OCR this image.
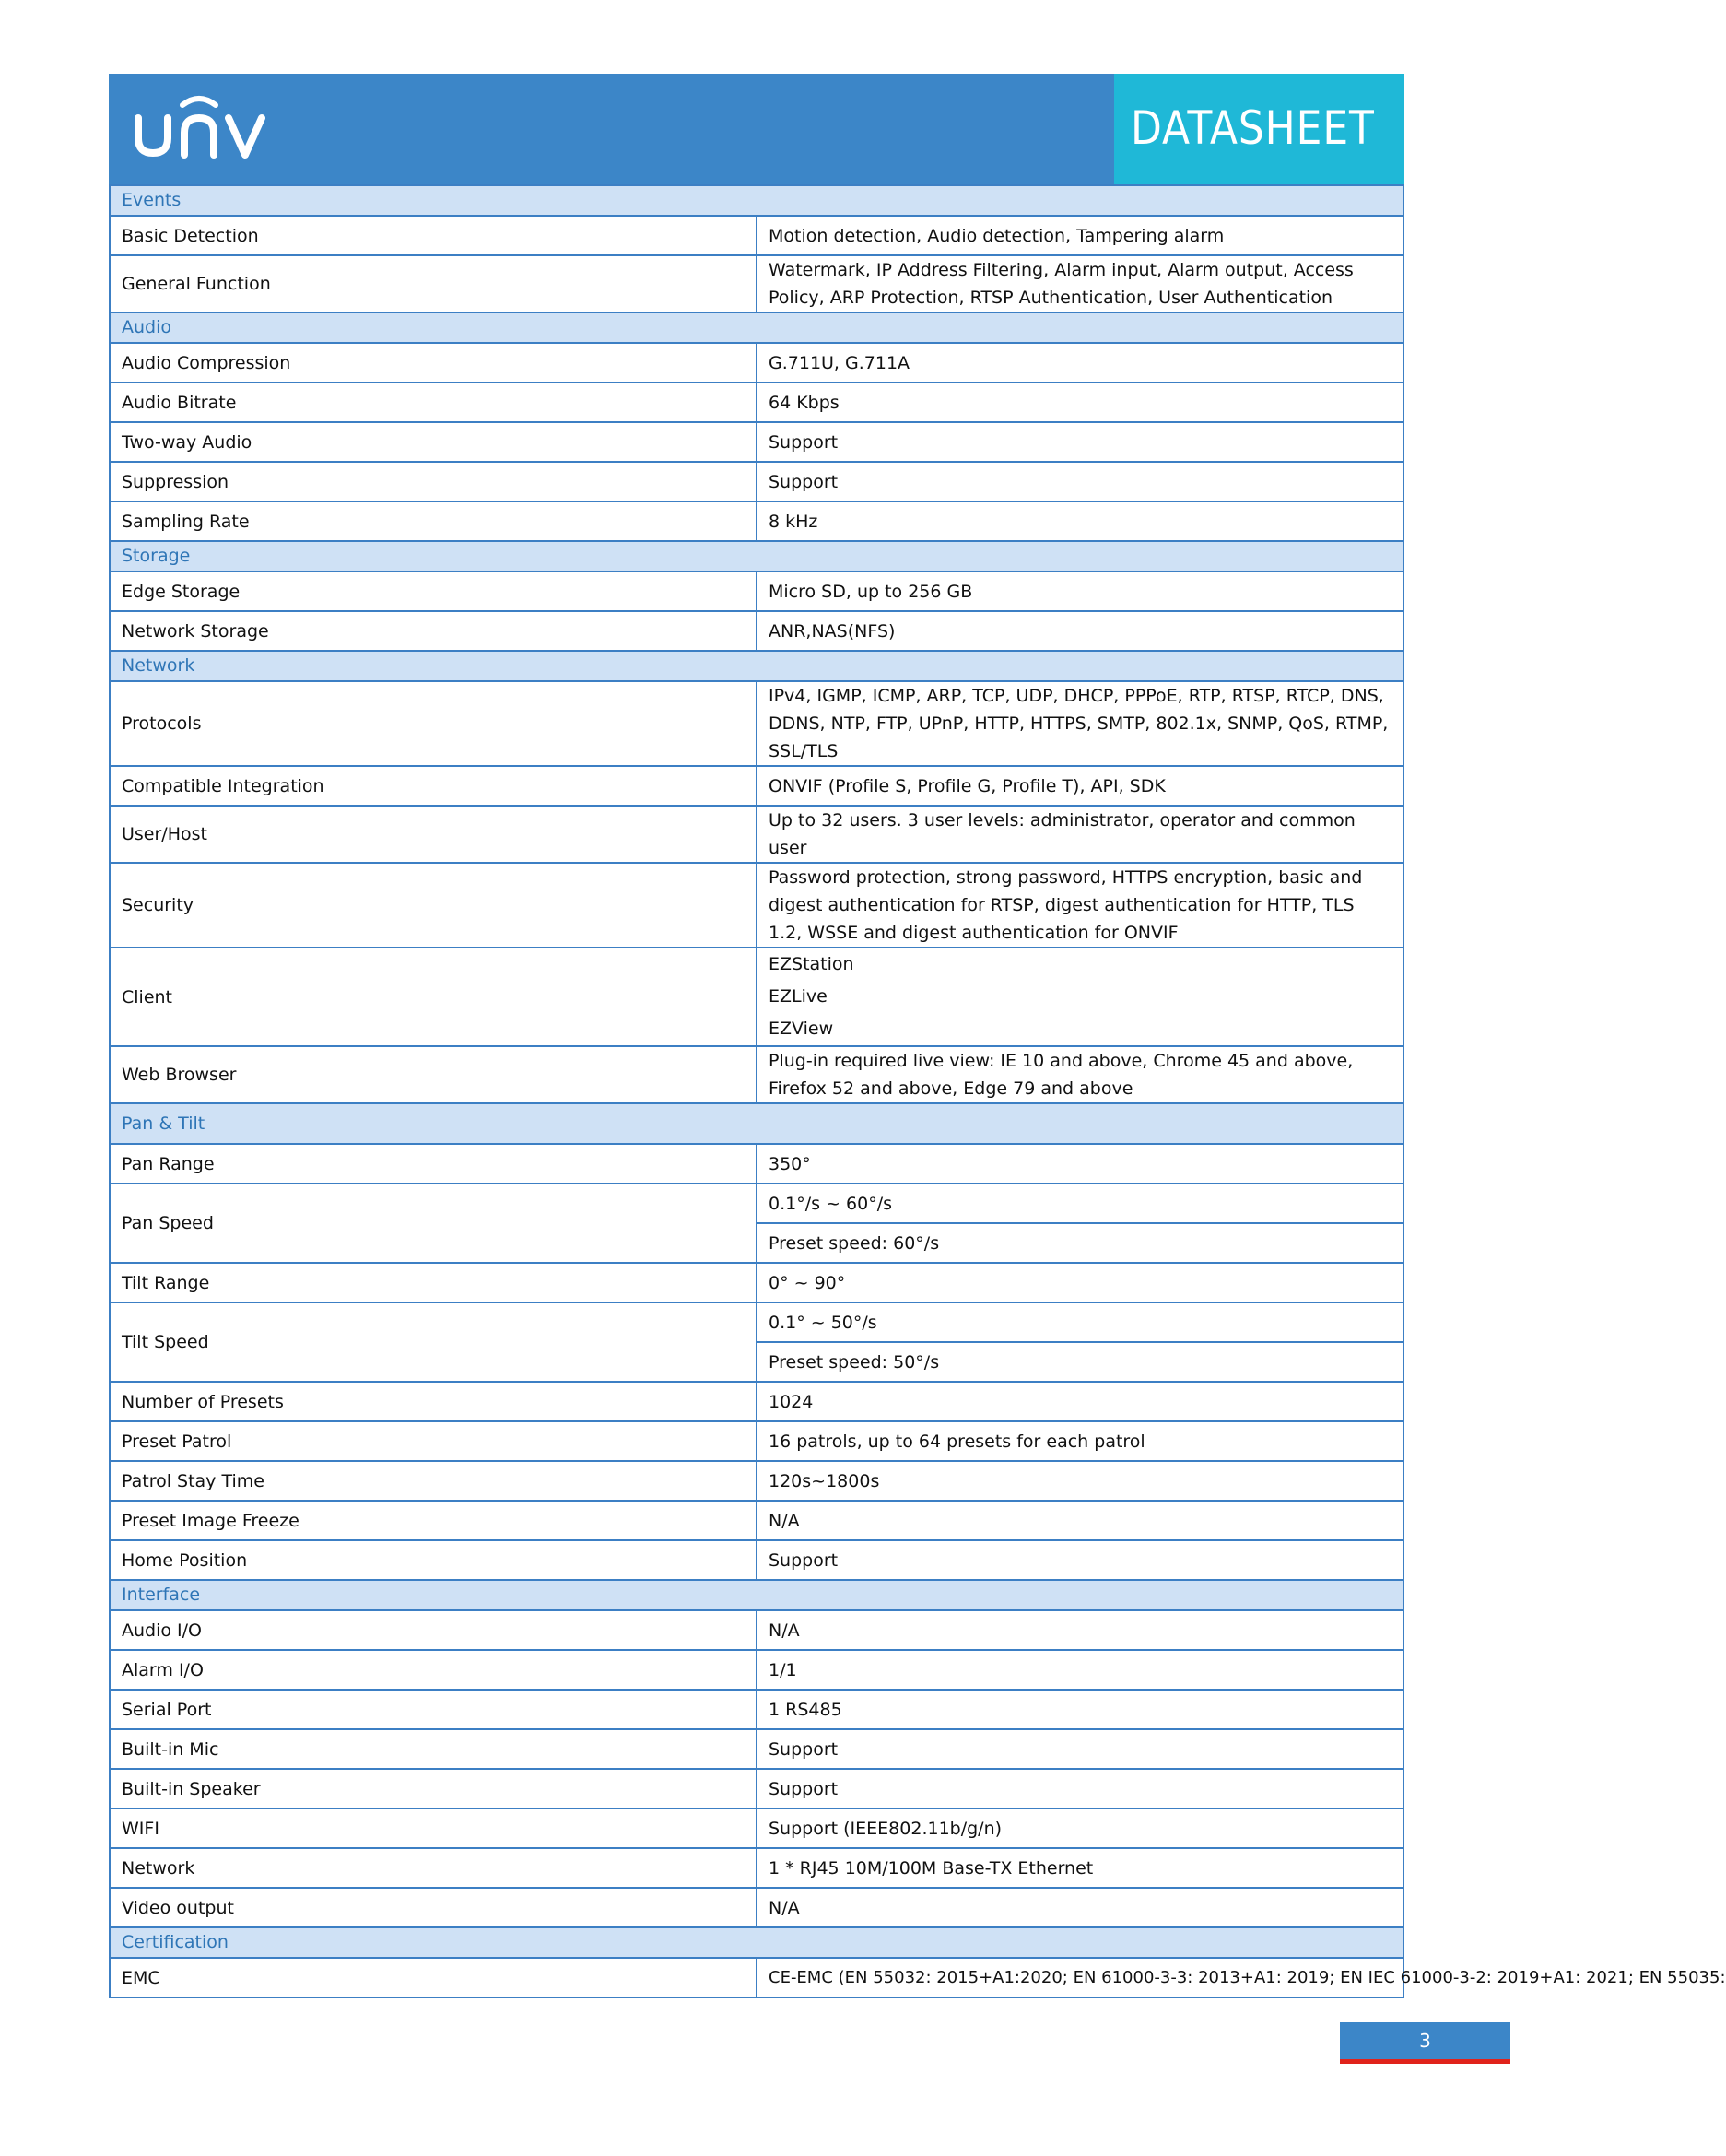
DATASHEET
Events	
Basic Detection	Motion detection, Audio detection, Tampering alarm
General Function	Watermark, IP Address Filtering, Alarm input, Alarm output, Access Policy, ARP Protection, RTSP Authentication, User Authentication
Audio	
Audio Compression	G.711U, G.711A
Audio Bitrate	64 Kbps
Two-way Audio	Support
Suppression	Support
Sampling Rate	8 kHz
Storage	
Edge Storage	Micro SD, up to 256 GB
Network Storage	ANR,NAS(NFS)
Network	
Protocols	IPv4, IGMP, ICMP, ARP, TCP, UDP, DHCP, PPPoE, RTP, RTSP, RTCP, DNS, DDNS, NTP, FTP, UPnP, HTTP, HTTPS, SMTP, 802.1x, SNMP, QoS, RTMP, SSL/TLS
Compatible Integration	ONVIF (Profile S, Profile G, Profile T), API, SDK
User/Host	Up to 32 users. 3 user levels: administrator, operator and common user
Security	Password protection, strong password, HTTPS encryption, basic and digest authentication for RTSP, digest authentication for HTTP, TLS 1.2, WSSE and digest authentication for ONVIF
Client	EZStation
EZLive
EZView

Web Browser	Plug-in required live view: IE 10 and above, Chrome 45 and above, Firefox 52 and above, Edge 79 and above
Pan & Tilt	
Pan Range	350°
Pan Speed	0.1°/s ~ 60°/s
	Preset speed: 60°/s
Tilt Range	0° ~ 90°
Tilt Speed	0.1° ~ 50°/s
	Preset speed: 50°/s
Number of Presets	1024
Preset Patrol	16 patrols, up to 64 presets for each patrol
Patrol Stay Time	120s~1800s
Preset Image Freeze	N/A
Home Position	Support
Interface	
Audio I/O	N/A
Alarm I/O	1/1
Serial Port	1 RS485
Built-in Mic	Support
Built-in Speaker	Support
WIFI	Support (IEEE802.11b/g/n)
Network	1 * RJ45 10M/100M Base-TX Ethernet
Video output	N/A
Certification	
EMC	CE-EMC (EN 55032: 2015+A1:2020; EN 61000-3-3: 2013+A1: 2019; EN IEC 61000-3-2: 2019+A1: 2021; EN 55035:
3
